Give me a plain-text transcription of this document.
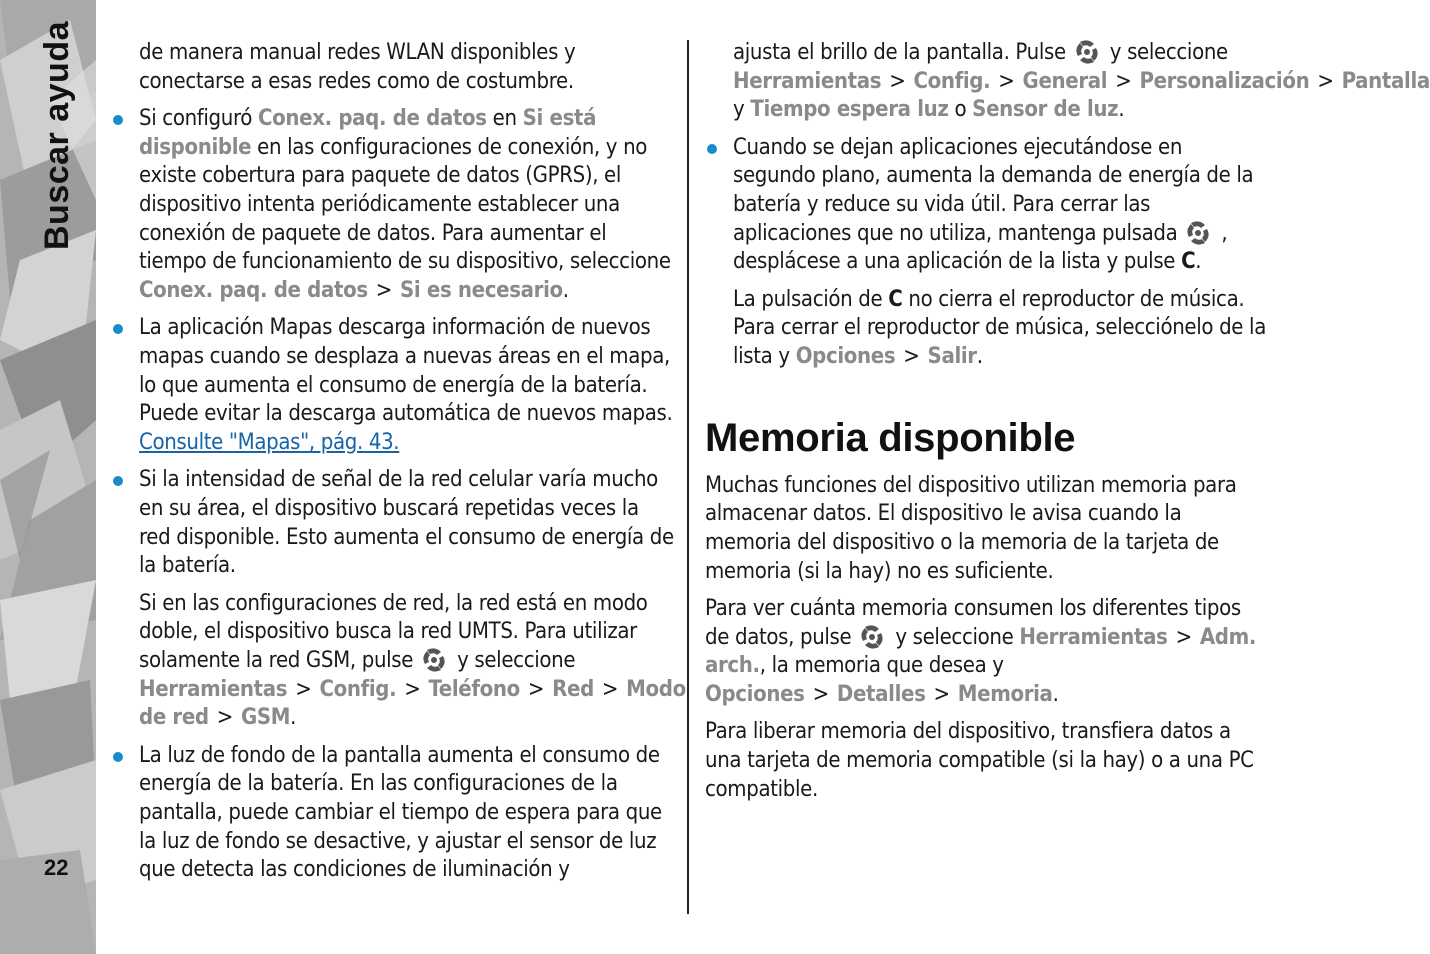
Buscar ayuda
22

de manera manual redes WLAN disponibles y conectarse a esas redes como de costumbre.

Si configuró Conex. paq. de datos en Si está disponible en las configuraciones de conexión, y no existe cobertura para paquete de datos (GPRS), el dispositivo intenta periódicamente establecer una conexión de paquete de datos. Para aumentar el tiempo de funcionamiento de su dispositivo, seleccione Conex. paq. de datos > Si es necesario.
La aplicación Mapas descarga información de nuevos mapas cuando se desplaza a nuevas áreas en el mapa, lo que aumenta el consumo de energía de la batería. Puede evitar la descarga automática de nuevos mapas. Consulte "Mapas", pág. 43.
Si la intensidad de señal de la red celular varía mucho en su área, el dispositivo buscará repetidas veces la red disponible. Esto aumenta el consumo de energía de la batería.
Si en las configuraciones de red, la red está en modo doble, el dispositivo busca la red UMTS. Para utilizar solamente la red GSM, pulse y seleccione Herramientas > Config. > Teléfono > Red > Modo de red > GSM.
La luz de fondo de la pantalla aumenta el consumo de energía de la batería. En las configuraciones de la pantalla, puede cambiar el tiempo de espera para que la luz de fondo se desactive, y ajustar el sensor de luz que detecta las condiciones de iluminación y
ajusta el brillo de la pantalla. Pulse y seleccione Herramientas > Config. > General > Personalización > Pantalla y Tiempo espera luz o Sensor de luz.
Cuando se dejan aplicaciones ejecutándose en segundo plano, aumenta la demanda de energía de la batería y reduce su vida útil. Para cerrar las aplicaciones que no utiliza, mantenga pulsada , desplácese a una aplicación de la lista y pulse C.
La pulsación de C no cierra el reproductor de música. Para cerrar el reproductor de música, selecciónelo de la lista y Opciones > Salir.
Memoria disponible

Muchas funciones del dispositivo utilizan memoria para almacenar datos. El dispositivo le avisa cuando la memoria del dispositivo o la memoria de la tarjeta de memoria (si la hay) no es suficiente.

Para ver cuánta memoria consumen los diferentes tipos de datos, pulse y seleccione Herramientas > Adm. arch., la memoria que desea y Opciones > Detalles > Memoria.

Para liberar memoria del dispositivo, transfiera datos a una tarjeta de memoria compatible (si la hay) o a una PC compatible.
